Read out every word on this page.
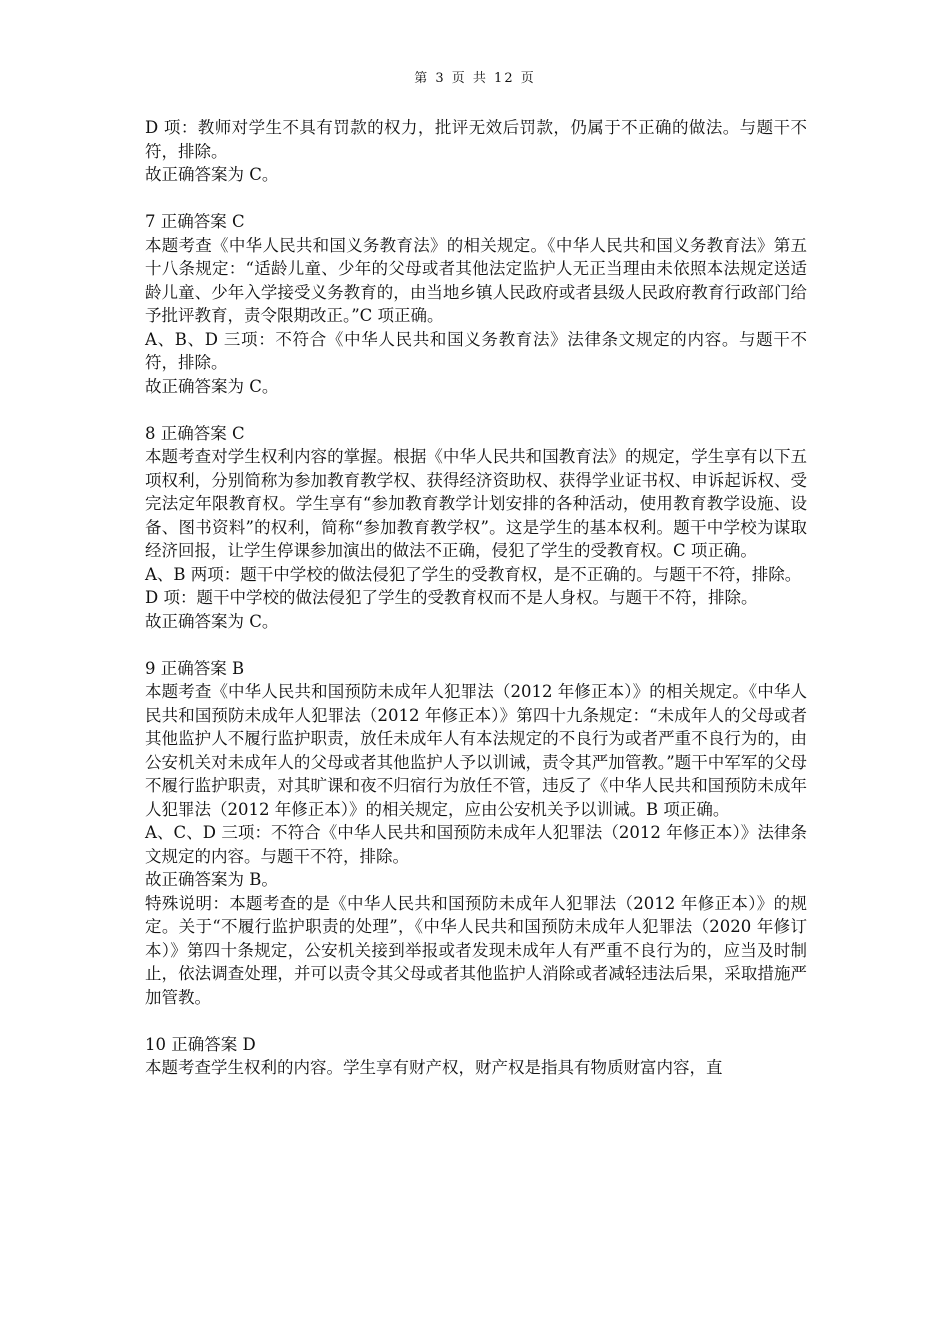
第 3 页 共 12 页

D 项：教师对学生不具有罚款的权力，批评无效后罚款，仍属于不正确的做法。与题干不符，排除。

故正确答案为 C。

7 正确答案 C

本题考查《中华人民共和国义务教育法》的相关规定。《中华人民共和国义务教育法》第五十八条规定：“适龄儿童、少年的父母或者其他法定监护人无正当理由未依照本法规定送适龄儿童、少年入学接受义务教育的，由当地乡镇人民政府或者县级人民政府教育行政部门给予批评教育，责令限期改正。”C 项正确。

A、B、D 三项：不符合《中华人民共和国义务教育法》法律条文规定的内容。与题干不符，排除。

故正确答案为 C。

8 正确答案 C

本题考查对学生权利内容的掌握。根据《中华人民共和国教育法》的规定，学生享有以下五项权利，分别简称为参加教育教学权、获得经济资助权、获得学业证书权、申诉起诉权、受完法定年限教育权。学生享有“参加教育教学计划安排的各种活动，使用教育教学设施、设备、图书资料”的权利，简称“参加教育教学权”。这是学生的基本权利。题干中学校为谋取经济回报，让学生停课参加演出的做法不正确，侵犯了学生的受教育权。C 项正确。

A、B 两项：题干中学校的做法侵犯了学生的受教育权，是不正确的。与题干不符，排除。

D 项：题干中学校的做法侵犯了学生的受教育权而不是人身权。与题干不符，排除。

故正确答案为 C。

9 正确答案 B

本题考查《中华人民共和国预防未成年人犯罪法（2012 年修正本）》的相关规定。《中华人民共和国预防未成年人犯罪法（2012 年修正本）》第四十九条规定：“未成年人的父母或者其他监护人不履行监护职责，放任未成年人有本法规定的不良行为或者严重不良行为的，由公安机关对未成年人的父母或者其他监护人予以训诫，责令其严加管教。”题干中军军的父母不履行监护职责，对其旷课和夜不归宿行为放任不管，违反了《中华人民共和国预防未成年人犯罪法（2012 年修正本）》的相关规定，应由公安机关予以训诫。B 项正确。

A、C、D 三项：不符合《中华人民共和国预防未成年人犯罪法（2012 年修正本）》法律条文规定的内容。与题干不符，排除。

故正确答案为 B。

特殊说明：本题考查的是《中华人民共和国预防未成年人犯罪法（2012 年修正本）》的规定。关于“不履行监护职责的处理”，《中华人民共和国预防未成年人犯罪法（2020 年修订本）》第四十条规定，公安机关接到举报或者发现未成年人有严重不良行为的，应当及时制止，依法调查处理，并可以责令其父母或者其他监护人消除或者减轻违法后果，采取措施严加管教。

10 正确答案 D

本题考查学生权利的内容。学生享有财产权，财产权是指具有物质财富内容，直
